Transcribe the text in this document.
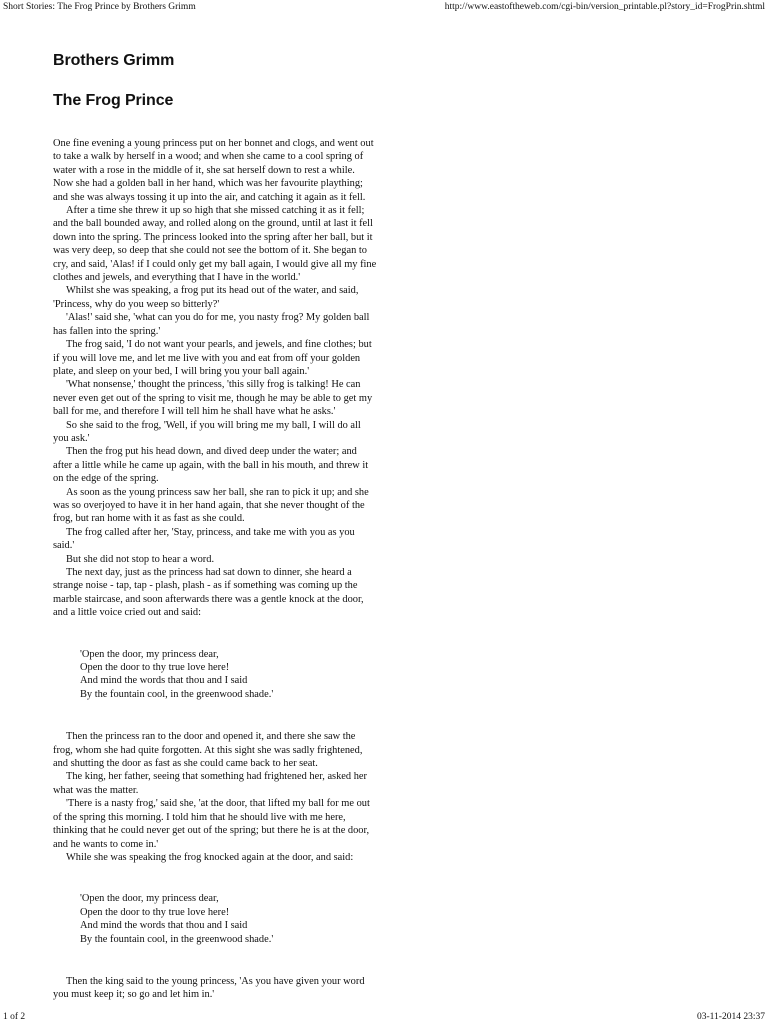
Short Stories: The Frog Prince by Brothers Grimm	http://www.eastoftheweb.com/cgi-bin/version_printable.pl?story_id=FrogPrin.shtml
Brothers Grimm
The Frog Prince

One fine evening a young princess put on her bonnet and clogs, and went out

to take a walk by herself in a wood; and when she came to a cool spring of

water with a rose in the middle of it, she sat herself down to rest a while.

Now she had a golden ball in her hand, which was her favourite plaything;

and she was always tossing it up into the air, and catching it again as it fell.

After a time she threw it up so high that she missed catching it as it fell;

and the ball bounded away, and rolled along on the ground, until at last it fell

down into the spring. The princess looked into the spring after her ball, but it

was very deep, so deep that she could not see the bottom of it. She began to

cry, and said, 'Alas! if I could only get my ball again, I would give all my fine

clothes and jewels, and everything that I have in the world.'

Whilst she was speaking, a frog put its head out of the water, and said,

'Princess, why do you weep so bitterly?'

'Alas!' said she, 'what can you do for me, you nasty frog? My golden ball

has fallen into the spring.'

The frog said, 'I do not want your pearls, and jewels, and fine clothes; but

if you will love me, and let me live with you and eat from off your golden

plate, and sleep on your bed, I will bring you your ball again.'

'What nonsense,' thought the princess, 'this silly frog is talking! He can

never even get out of the spring to visit me, though he may be able to get my

ball for me, and therefore I will tell him he shall have what he asks.'

So she said to the frog, 'Well, if you will bring me my ball, I will do all

you ask.'

Then the frog put his head down, and dived deep under the water; and

after a little while he came up again, with the ball in his mouth, and threw it

on the edge of the spring.

As soon as the young princess saw her ball, she ran to pick it up; and she

was so overjoyed to have it in her hand again, that she never thought of the

frog, but ran home with it as fast as she could.

The frog called after her, 'Stay, princess, and take me with you as you

said.'

But she did not stop to hear a word.

The next day, just as the princess had sat down to dinner, she heard a

strange noise - tap, tap - plash, plash - as if something was coming up the

marble staircase, and soon afterwards there was a gentle knock at the door,

and a little voice cried out and said:

'Open the door, my princess dear,
Open the door to thy true love here!
And mind the words that thou and I said
By the fountain cool, in the greenwood shade.'

Then the princess ran to the door and opened it, and there she saw the

frog, whom she had quite forgotten. At this sight she was sadly frightened,

and shutting the door as fast as she could came back to her seat.

The king, her father, seeing that something had frightened her, asked her

what was the matter.

'There is a nasty frog,' said she, 'at the door, that lifted my ball for me out

of the spring this morning. I told him that he should live with me here,

thinking that he could never get out of the spring; but there he is at the door,

and he wants to come in.'

While she was speaking the frog knocked again at the door, and said:

'Open the door, my princess dear,
Open the door to thy true love here!
And mind the words that thou and I said
By the fountain cool, in the greenwood shade.'

Then the king said to the young princess, 'As you have given your word

you must keep it; so go and let him in.'

1 of 2	03-11-2014 23:37
